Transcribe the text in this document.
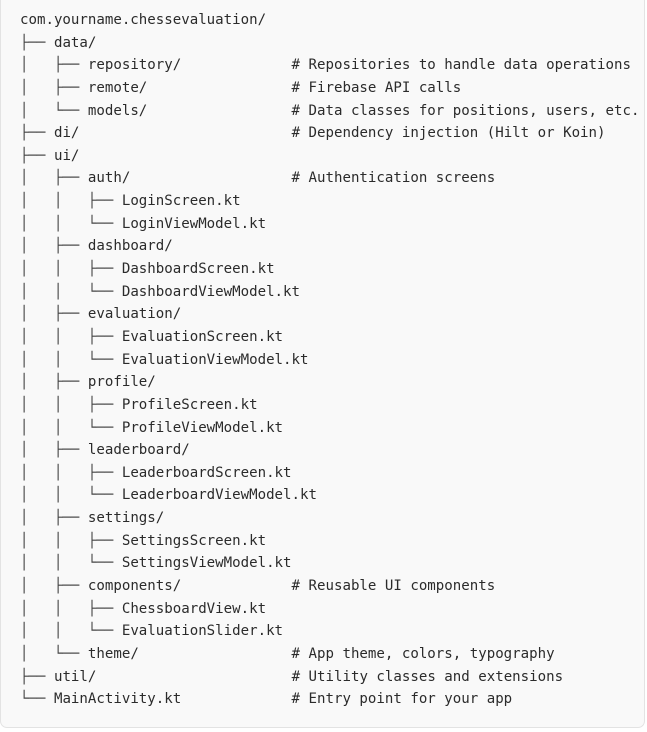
com.yourname.chessevaluation/
├── data/
│   ├── repository/	# Repositories to handle data operations
│   ├── remote/	# Firebase API calls
│   └── models/	# Data classes for positions, users, etc.
├── di/	# Dependency injection (Hilt or Koin)
├── ui/
│   ├── auth/	# Authentication screens
│   │   ├── LoginScreen.kt
│   │   └── LoginViewModel.kt
│   ├── dashboard/
│   │   ├── DashboardScreen.kt
│   │   └── DashboardViewModel.kt
│   ├── evaluation/
│   │   ├── EvaluationScreen.kt
│   │   └── EvaluationViewModel.kt
│   ├── profile/
│   │   ├── ProfileScreen.kt
│   │   └── ProfileViewModel.kt
│   ├── leaderboard/
│   │   ├── LeaderboardScreen.kt
│   │   └── LeaderboardViewModel.kt
│   ├── settings/
│   │   ├── SettingsScreen.kt
│   │   └── SettingsViewModel.kt
│   ├── components/	# Reusable UI components
│   │   ├── ChessboardView.kt
│   │   └── EvaluationSlider.kt
│   └── theme/	# App theme, colors, typography
├── util/	# Utility classes and extensions
└── MainActivity.kt	# Entry point for your app
